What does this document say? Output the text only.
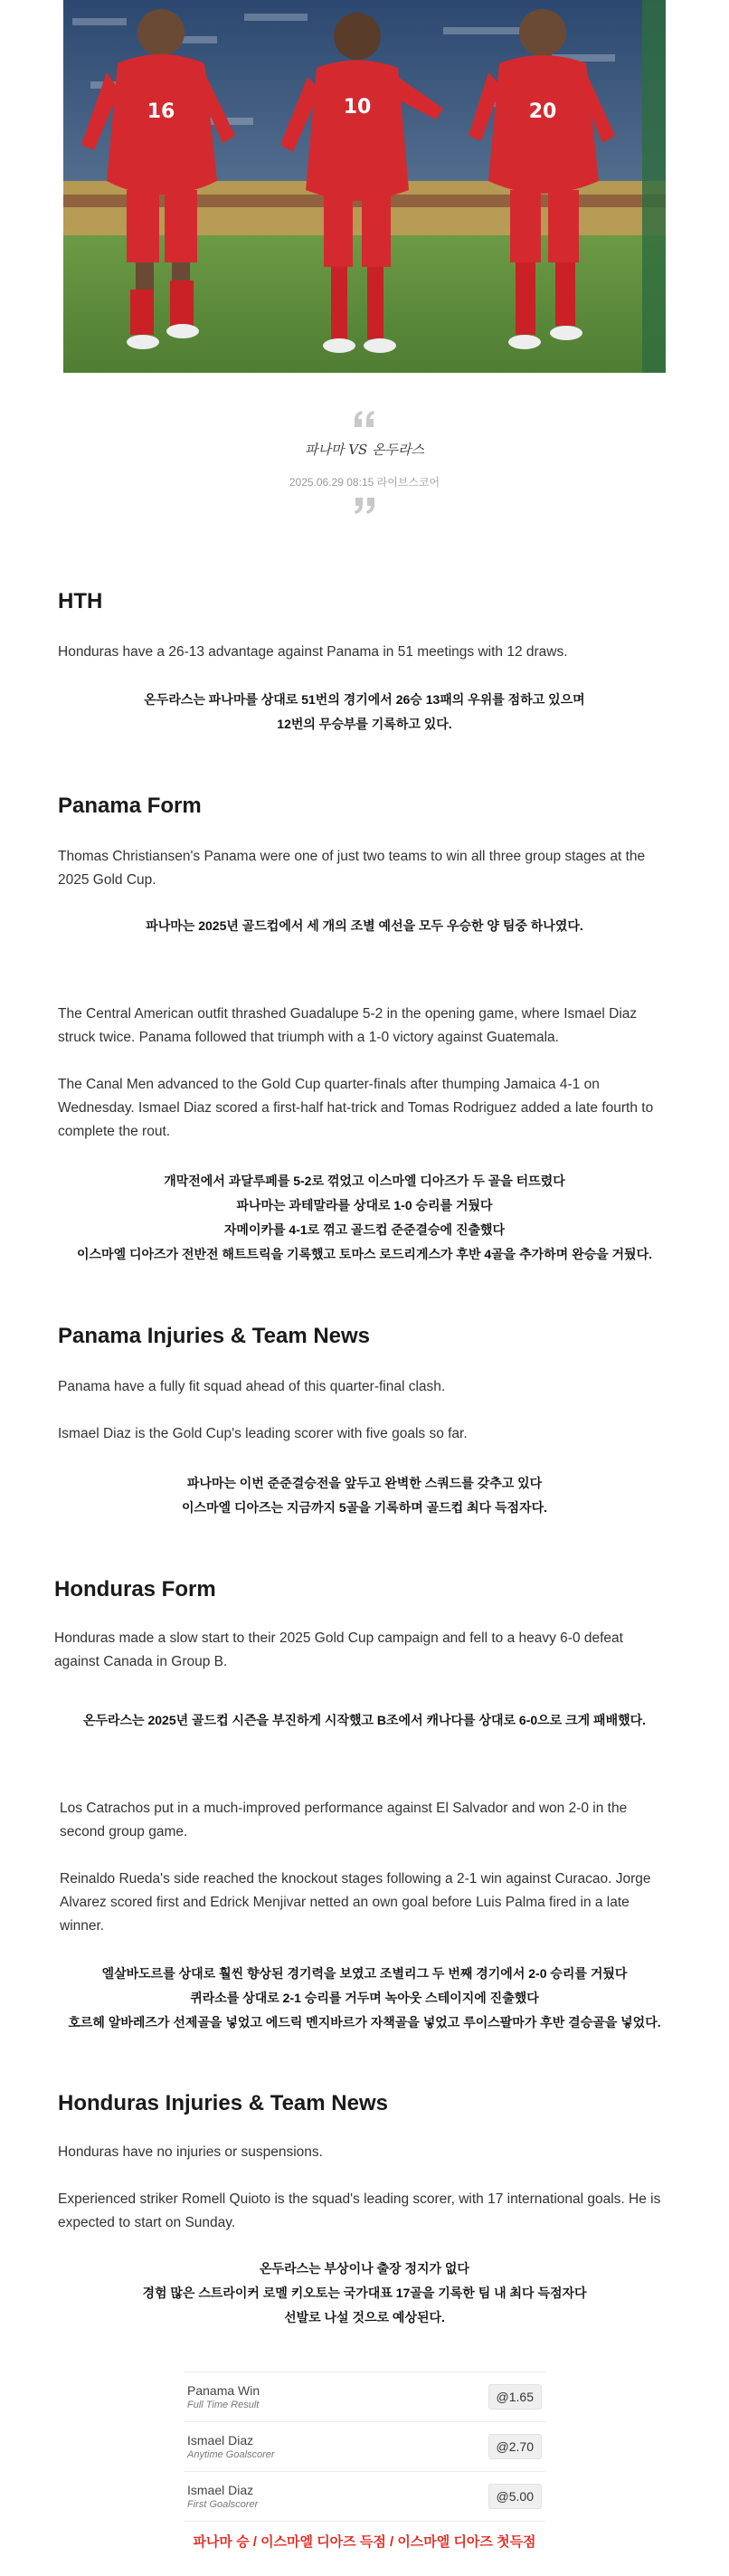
16	10	20
파나마 VS 온두라스
2025.06.29 08:15 라이브스코어
HTH

Honduras have a 26-13 advantage against Panama in 51 meetings with 12 draws.

온두라스는 파나마를 상대로 51번의 경기에서 26승 13패의 우위를 점하고 있으며
12번의 무승부를 기록하고 있다.

Panama Form

Thomas Christiansen's Panama were one of just two teams to win all three group stages at the 2025 Gold Cup.

파나마는 2025년 골드컵에서 세 개의 조별 예선을 모두 우승한 양 팀중 하나였다.

The Central American outfit thrashed Guadalupe 5-2 in the opening game, where Ismael Diaz struck twice. Panama followed that triumph with a 1-0 victory against Guatemala.

The Canal Men advanced to the Gold Cup quarter-finals after thumping Jamaica 4-1 on Wednesday. Ismael Diaz scored a first-half hat-trick and Tomas Rodriguez added a late fourth to complete the rout.

개막전에서 과달루페를 5-2로 꺾었고 이스마엘 디아즈가 두 골을 터뜨렸다
파나마는 과테말라를 상대로 1-0 승리를 거뒀다
자메이카를 4-1로 꺾고 골드컵 준준결승에 진출했다
이스마엘 디아즈가 전반전 해트트릭을 기록했고 토마스 로드리게스가 후반 4골을 추가하며 완승을 거뒀다.

Panama Injuries & Team News

Panama have a fully fit squad ahead of this quarter-final clash.

Ismael Diaz is the Gold Cup's leading scorer with five goals so far.

파나마는 이번 준준결승전을 앞두고 완벽한 스쿼드를 갖추고 있다
이스마엘 디아즈는 지금까지 5골을 기록하며 골드컵 최다 득점자다.

Honduras Form

Honduras made a slow start to their 2025 Gold Cup campaign and fell to a heavy 6-0 defeat against Canada in Group B.

온두라스는 2025년 골드컵 시즌을 부진하게 시작했고 B조에서 캐나다를 상대로 6-0으로 크게 패배했다.

Los Catrachos put in a much-improved performance against El Salvador and won 2-0 in the second group game.

Reinaldo Rueda's side reached the knockout stages following a 2-1 win against Curacao. Jorge Alvarez scored first and Edrick Menjivar netted an own goal before Luis Palma fired in a late winner.

엘살바도르를 상대로 훨씬 향상된 경기력을 보였고 조별리그 두 번째 경기에서 2-0 승리를 거뒀다
퀴라소를 상대로 2-1 승리를 거두며 녹아웃 스테이지에 진출했다
호르헤 알바레즈가 선제골을 넣었고 에드릭 멘지바르가 자책골을 넣었고 루이스팔마가 후반 결승골을 넣었다.

Honduras Injuries & Team News

Honduras have no injuries or suspensions.

Experienced striker Romell Quioto is the squad's leading scorer, with 17 international goals. He is expected to start on Sunday.

온두라스는 부상이나 출장 정지가 없다
경험 많은 스트라이커 로멜 키오토는 국가대표 17골을 기록한 팀 내 최다 득점자다
선발로 나설 것으로 예상된다.

Panama Win
Full Time Result
@1.65
Ismael Diaz
Anytime Goalscorer
@2.70
Ismael Diaz
First Goalscorer
@5.00
파나마 승 / 이스마엘 디아즈 득점 / 이스마엘 디아즈 첫득점
